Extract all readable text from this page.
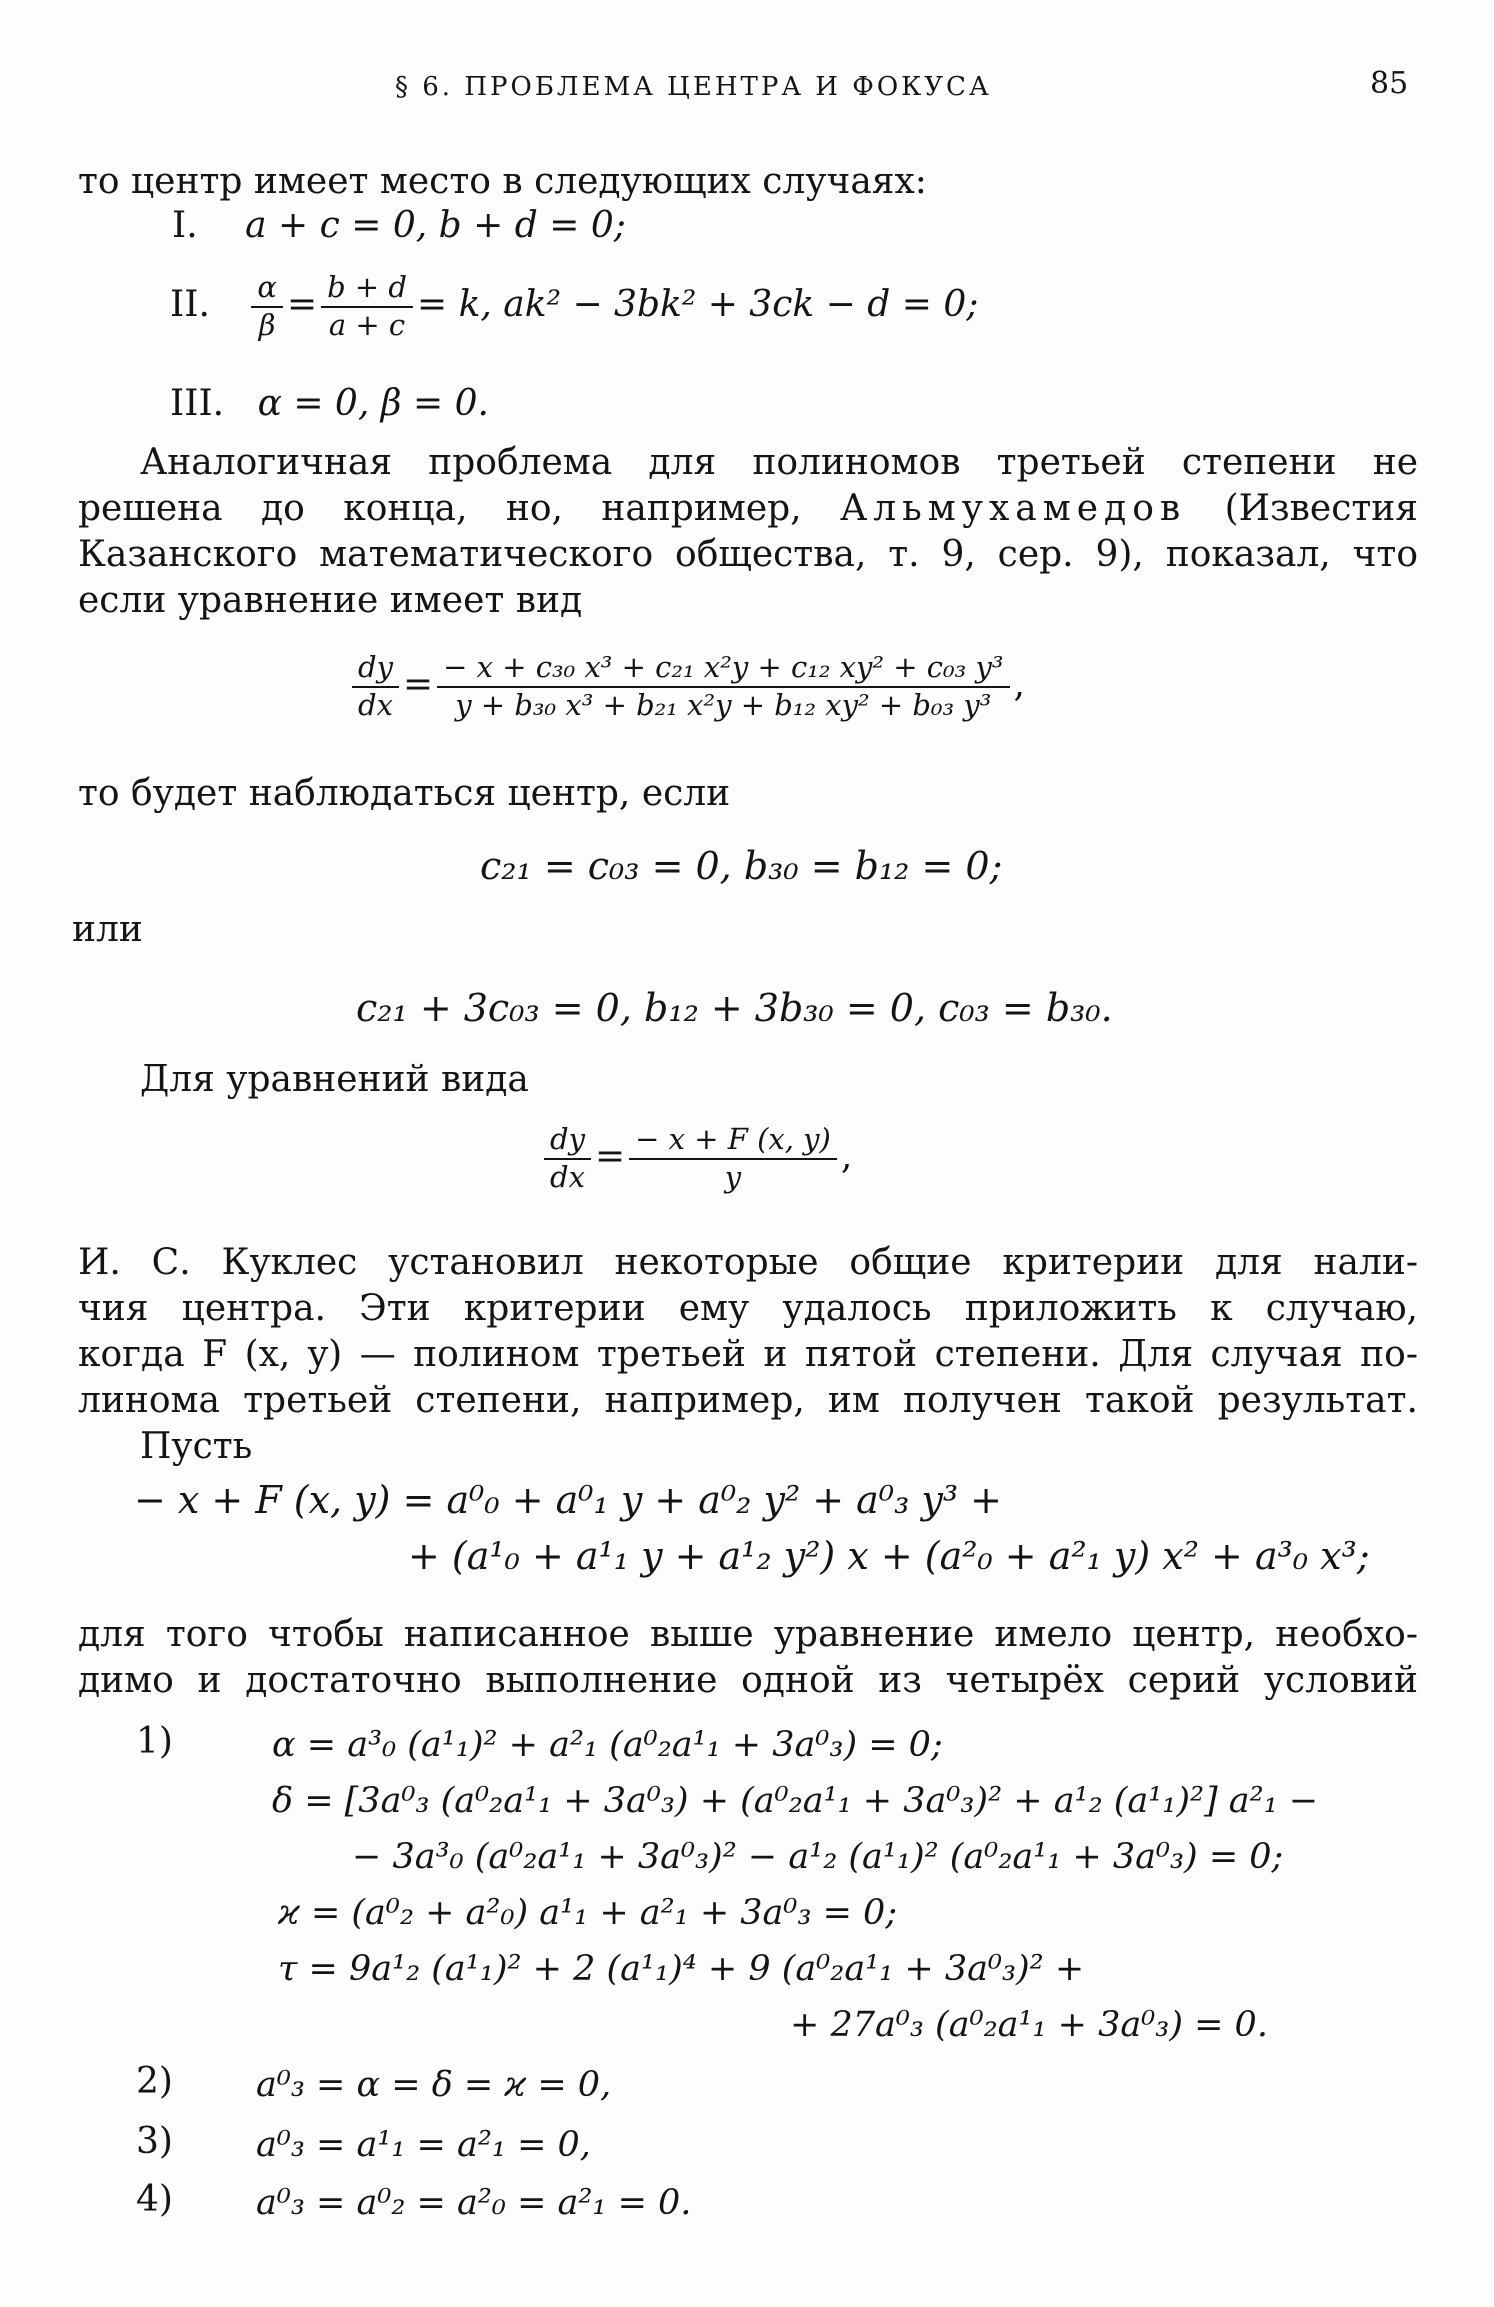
§ 6. ПРОБЛЕМА ЦЕНТРА И ФОКУСА	85
то центр имеет место в следующих случаях:
I. a + c = 0, b + d = 0;
II. $\frac{\alpha}{\beta} = \frac{b + d}{a + c} = k$, ak² − 3bk² + 3ck − d = 0;
III. α = 0, β = 0.
Аналогичная проблема для полиномов третьей степени не
решена до конца, но, например, Альмухамедов (Известия
Казанского математического общества, т. 9, сер. 9), показал, что
если уравнение имеет вид
$\frac{dy}{dx} = \frac{\text{− x + c₃₀ x³ + c₂₁ x²y + c₁₂ xy² + c₀₃ y³}}{\text{y + b₃₀ x³ + b₂₁ x²y + b₁₂ xy² + b₀₃ y³}}$ ,
то будет наблюдаться центр, если
c₂₁ = c₀₃ = 0, b₃₀ = b₁₂ = 0;
или
c₂₁ + 3c₀₃ = 0, b₁₂ + 3b₃₀ = 0, c₀₃ = b₃₀.
Для уравнений вида
$\frac{dy}{dx} = \frac{- x + F (x, y)}{y}$ ,
И. С. Куклес установил некоторые общие критерии для нали-
чия центра. Эти критерии ему удалось приложить к случаю,
когда F (x, y) — полином третьей и пятой степени. Для случая по-
линома третьей степени, например, им получен такой результат.
Пусть
− x + F (x, y) = a⁰₀ + a⁰₁ y + a⁰₂ y² + a⁰₃ y³ +
+ (a¹₀ + a¹₁ y + a¹₂ y²) x + (a²₀ + a²₁ y) x² + a³₀ x³;
для того чтобы написанное выше уравнение имело центр, необхо-
димо и достаточно выполнение одной из четырёх серий условий
1)	α = a³₀ (a¹₁)² + a²₁ (a⁰₂a¹₁ + 3a⁰₃) = 0;
δ = [3a⁰₃ (a⁰₂a¹₁ + 3a⁰₃) + (a⁰₂a¹₁ + 3a⁰₃)² + a¹₂ (a¹₁)²] a²₁ −
− 3a³₀ (a⁰₂a¹₁ + 3a⁰₃)² − a¹₂ (a¹₁)² (a⁰₂a¹₁ + 3a⁰₃) = 0;
ϰ = (a⁰₂ + a²₀) a¹₁ + a²₁ + 3a⁰₃ = 0;
τ = 9a¹₂ (a¹₁)² + 2 (a¹₁)⁴ + 9 (a⁰₂a¹₁ + 3a⁰₃)² +
+ 27a⁰₃ (a⁰₂a¹₁ + 3a⁰₃) = 0.
2) a⁰₃ = α = δ = ϰ = 0,
3) a⁰₃ = a¹₁ = a²₁ = 0,
4) a⁰₃ = a⁰₂ = a²₀ = a²₁ = 0.
